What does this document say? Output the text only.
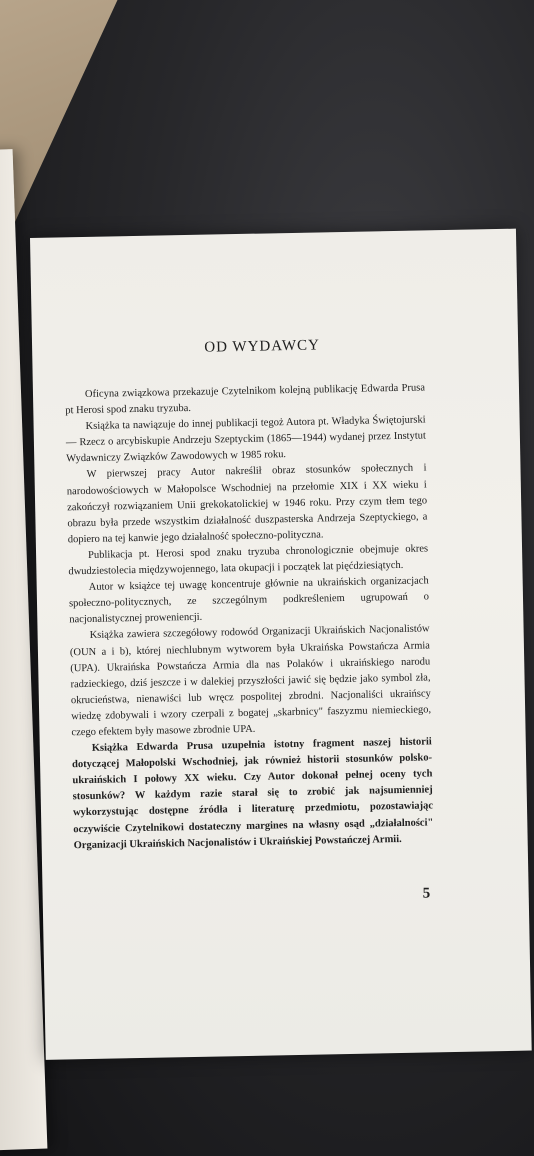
OD WYDAWCY

Oficyna związkowa przekazuje Czytelnikom kolejną publikację Edwarda Prusa pt Herosi spod znaku tryzuba.

Książka ta nawiązuje do innej publikacji tegoż Autora pt. Władyka Świętojurski — Rzecz o arcybiskupie Andrzeju Szeptyckim (1865—1944) wydanej przez Instytut Wydawniczy Związków Zawodowych w 1985 roku.

W pierwszej pracy Autor nakreślił obraz stosunków społecznych i narodowościowych w Małopolsce Wschodniej na przełomie XIX i XX wieku i zakończył rozwiązaniem Unii grekokatolickiej w 1946 roku. Przy czym tłem tego obrazu była przede wszystkim działalność duszpasterska Andrzeja Szeptyckiego, a dopiero na tej kanwie jego działalność społeczno-polityczna.

Publikacja pt. Herosi spod znaku tryzuba chronologicznie obejmuje okres dwudziestolecia międzywojennego, lata okupacji i początek lat pięćdziesiątych.

Autor w książce tej uwagę koncentruje głównie na ukraińskich organizacjach społeczno-politycznych, ze szczególnym podkreśleniem ugrupowań o nacjonalistycznej proweniencji.

Książka zawiera szczegółowy rodowód Organizacji Ukraińskich Nacjonalistów (OUN a i b), której niechlubnym wytworem była Ukraińska Powstańcza Armia (UPA). Ukraińska Powstańcza Armia dla nas Polaków i ukraińskiego narodu radzieckiego, dziś jeszcze i w dalekiej przyszłości jawić się będzie jako symbol zła, okrucieństwa, nienawiści lub wręcz pospolitej zbrodni. Nacjonaliści ukraińscy wiedzę zdobywali i wzory czerpali z bogatej „skarbnicy" faszyzmu niemieckiego, czego efektem były masowe zbrodnie UPA.

Książka Edwarda Prusa uzupełnia istotny fragment naszej historii dotyczącej Małopolski Wschodniej, jak również historii stosunków polsko-ukraińskich I połowy XX wieku. Czy Autor dokonał pełnej oceny tych stosunków? W każdym razie starał się to zrobić jak najsumienniej wykorzystując dostępne źródła i literaturę przedmiotu, pozostawiając oczywiście Czytelnikowi dostateczny margines na własny osąd „działalności" Organizacji Ukraińskich Nacjonalistów i Ukraińskiej Powstańczej Armii.

5
